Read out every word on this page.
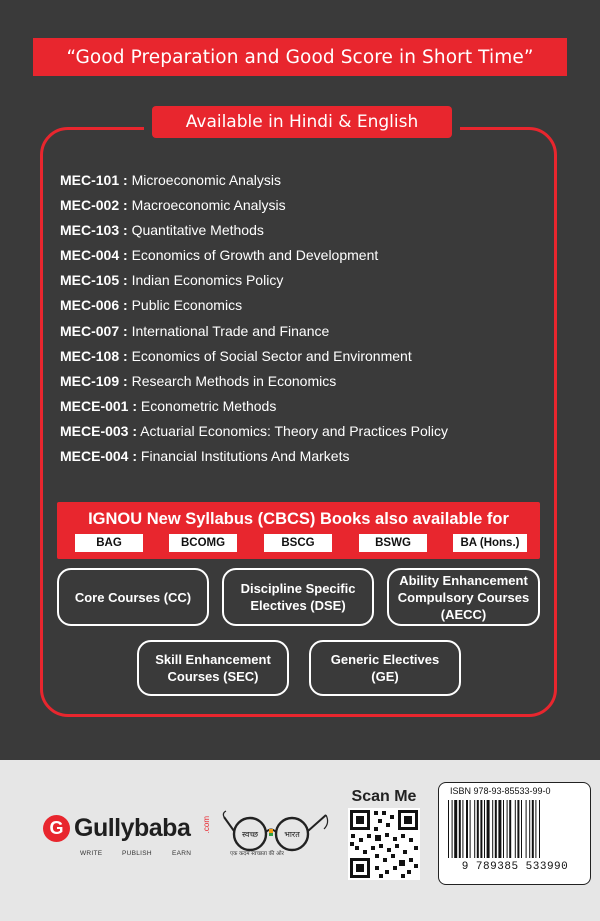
“Good Preparation and Good Score in Short Time”
Available in Hindi & English
MEC-101 : Microeconomic Analysis
MEC-002 : Macroeconomic Analysis
MEC-103 : Quantitative Methods
MEC-004 : Economics of Growth and Development
MEC-105 : Indian Economics Policy
MEC-006 : Public Economics
MEC-007 : International Trade and Finance
MEC-108 : Economics of Social Sector and Environment
MEC-109 : Research Methods in Economics
MECE-001 : Econometric Methods
MECE-003 : Actuarial Economics: Theory and Practices Policy
MECE-004 : Financial Institutions And Markets
IGNOU New Syllabus (CBCS) Books also available for
BAG	BCOMG	BSCG	BSWG	BA (Hons.)
Core Courses (CC)
Discipline Specific Electives (DSE)
Ability Enhancement Compulsory Courses (AECC)
Skill Enhancement Courses (SEC)
Generic Electives (GE)
G Gullybaba .com
WRITE	PUBLISH	EARN
स्वच्छ	भारत
एक कदम स्वच्छता की ओर
Scan Me	ISBN 978-93-85533-99-0
9 789385 533990
